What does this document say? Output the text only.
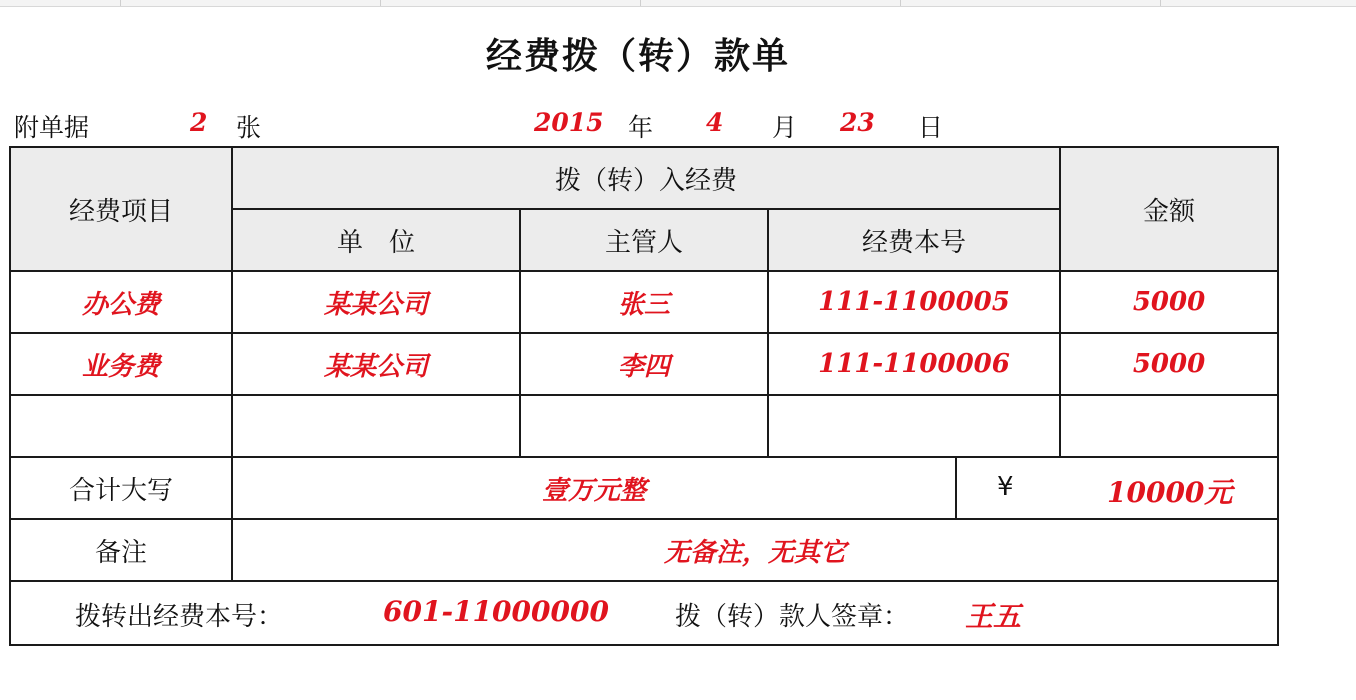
经费拨（转）款单
附单据	2 张	2015 年 4 月 23 日
经费项目	拨（转）入经费				金额
	单　位	主管人	经费本号		
办公费	某某公司	张三	111-1100005		5000
业务费	某某公司	李四	111-1100006		5000

合计大写	壹万元整			¥ 10000元	

备注	无备注，无其它				

拨转出经费本号： 601-11000000 拨（转）款人签章： 王五					
